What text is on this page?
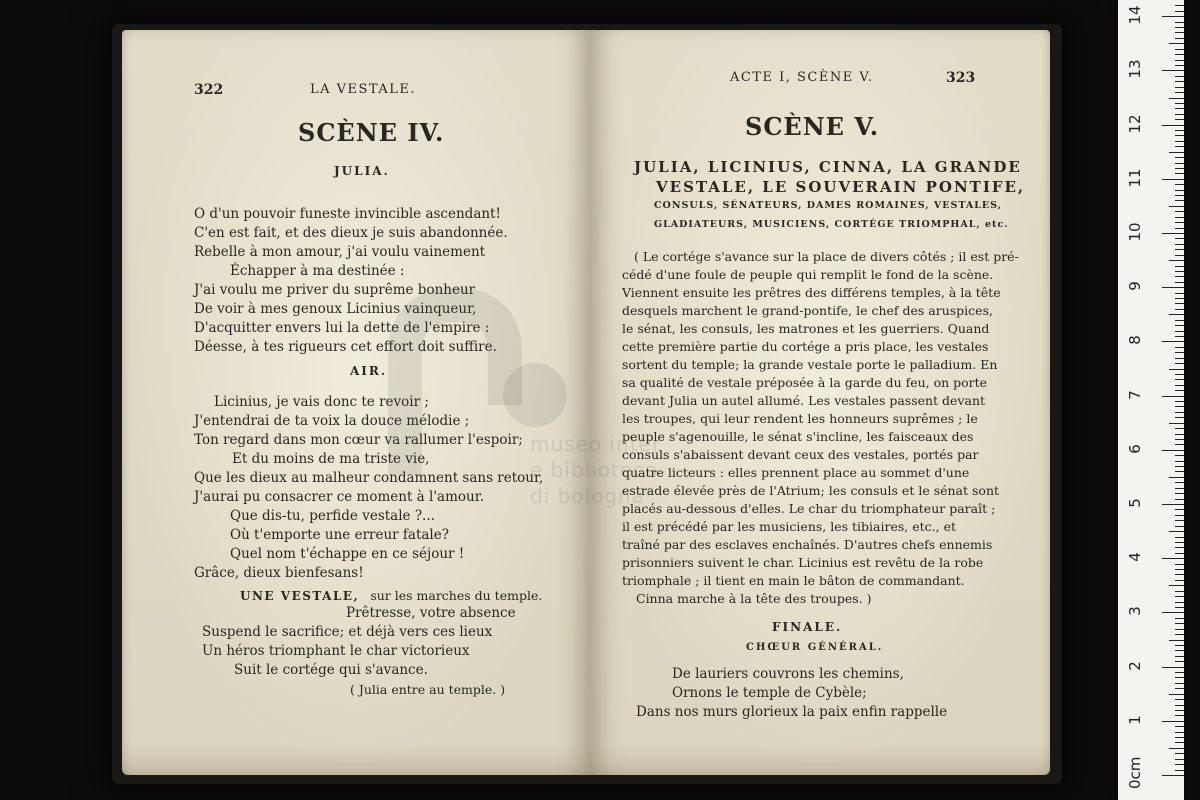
322	LA VESTALE.
SCÈNE IV.
JULIA.
O d'un pouvoir funeste invincible ascendant!
C'en est fait, et des dieux je suis abandonnée.
Rebelle à mon amour, j'ai voulu vainement
Échapper à ma destinée :
J'ai voulu me priver du suprême bonheur
De voir à mes genoux Licinius vainqueur,
D'acquitter envers lui la dette de l'empire :
Déesse, à tes rigueurs cet effort doit suffire.
AIR.
Licinius, je vais donc te revoir ;
J'entendrai de ta voix la douce mélodie ;
Ton regard dans mon cœur va rallumer l'espoir;
Et du moins de ma triste vie,
Que les dieux au malheur condamnent sans retour,
J'aurai pu consacrer ce moment à l'amour.
Que dis-tu, perfide vestale ?...
Où t'emporte une erreur fatale?
Quel nom t'échappe en ce séjour !
Grâce, dieux bienfesans!
UNE VESTALE, sur les marches du temple.
Prêtresse, votre absence
Suspend le sacrifice; et déjà vers ces lieux
Un héros triomphant le char victorieux
Suit le cortége qui s'avance.
( Julia entre au temple. )
ACTE I, SCÈNE V.	323
SCÈNE V.
JULIA, LICINIUS, CINNA, LA GRANDE
VESTALE, LE SOUVERAIN PONTIFE,
CONSULS, SÉNATEURS, DAMES ROMAINES, VESTALES,
GLADIATEURS, MUSICIENS, CORTÉGE TRIOMPHAL, etc.
( Le cortége s'avance sur la place de divers côtés ; il est pré-
cédé d'une foule de peuple qui remplit le fond de la scène.
Viennent ensuite les prêtres des différens temples, à la tête
desquels marchent le grand-pontife, le chef des aruspices,
le sénat, les consuls, les matrones et les guerriers. Quand
cette première partie du cortége a pris place, les vestales
sortent du temple; la grande vestale porte le palladium. En
sa qualité de vestale préposée à la garde du feu, on porte
devant Julia un autel allumé. Les vestales passent devant
les troupes, qui leur rendent les honneurs suprêmes ; le
peuple s'agenouille, le sénat s'incline, les faisceaux des
consuls s'abaissent devant ceux des vestales, portés par
quatre licteurs : elles prennent place au sommet d'une
estrade élevée près de l'Atrium; les consuls et le sénat sont
placés au-dessous d'elles. Le char du triomphateur paraît ;
il est précédé par les musiciens, les tibiaires, etc., et
traîné par des esclaves enchaînés. D'autres chefs ennemis
prisonniers suivent le char. Licinius est revêtu de la robe
triomphale ; il tient en main le bâton de commandant.
Cinna marche à la tête des troupes. )
FINALE.
CHŒUR GÉNÉRAL.
De lauriers couvrons les chemins,
Ornons le temple de Cybèle;
Dans nos murs glorieux la paix enfin rappelle
museo inter
e biblioteca
di bologna
0cm
1
2
3
4
5
6
7
8
9
10
11
12
13
14
